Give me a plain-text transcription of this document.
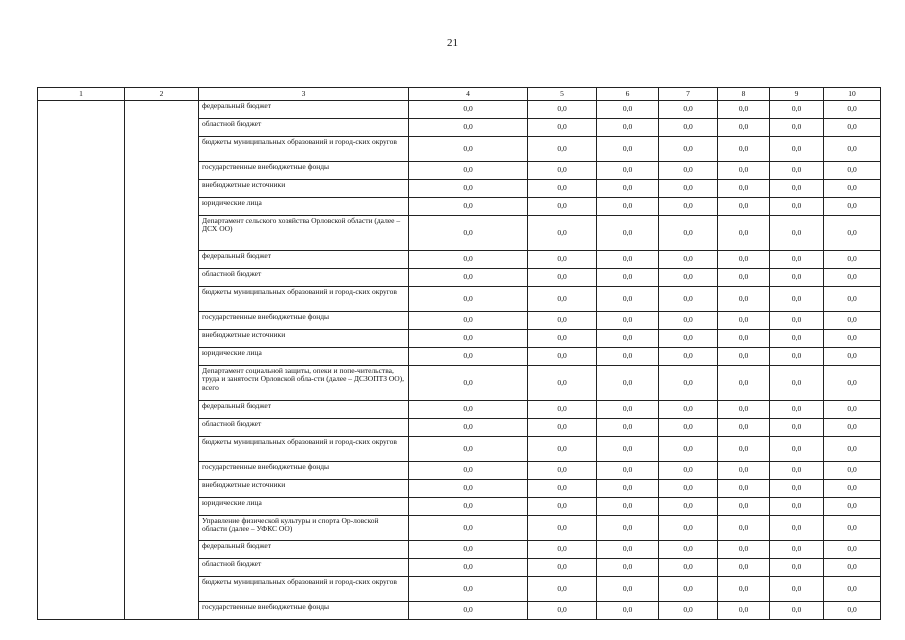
21
1	2	3	4	5	6	7	8	9	10
		федеральный бюджет	0,0	0,0	0,0	0,0	0,0	0,0	0,0
		областной бюджет	0,0	0,0	0,0	0,0	0,0	0,0	0,0
		бюджеты муниципальных образований и город-ских округов	0,0	0,0	0,0	0,0	0,0	0,0	0,0
		государственные внебюджетные фонды	0,0	0,0	0,0	0,0	0,0	0,0	0,0
		внебюджетные источники	0,0	0,0	0,0	0,0	0,0	0,0	0,0
		юридические лица	0,0	0,0	0,0	0,0	0,0	0,0	0,0
		Департамент сельского хозяйства Орловской области (далее – ДСХ ОО)	0,0	0,0	0,0	0,0	0,0	0,0	0,0
		федеральный бюджет	0,0	0,0	0,0	0,0	0,0	0,0	0,0
		областной бюджет	0,0	0,0	0,0	0,0	0,0	0,0	0,0
		бюджеты муниципальных образований и город-ских округов	0,0	0,0	0,0	0,0	0,0	0,0	0,0
		государственные внебюджетные фонды	0,0	0,0	0,0	0,0	0,0	0,0	0,0
		внебюджетные источники	0,0	0,0	0,0	0,0	0,0	0,0	0,0
		юридические лица	0,0	0,0	0,0	0,0	0,0	0,0	0,0
		Департамент социальной защиты, опеки и попе-чительства, труда и занятости Орловской обла-сти (далее – ДСЗОПТЗ ОО), всего	0,0	0,0	0,0	0,0	0,0	0,0	0,0
		федеральный бюджет	0,0	0,0	0,0	0,0	0,0	0,0	0,0
		областной бюджет	0,0	0,0	0,0	0,0	0,0	0,0	0,0
		бюджеты муниципальных образований и город-ских округов	0,0	0,0	0,0	0,0	0,0	0,0	0,0
		государственные внебюджетные фонды	0,0	0,0	0,0	0,0	0,0	0,0	0,0
		внебюджетные источники	0,0	0,0	0,0	0,0	0,0	0,0	0,0
		юридические лица	0,0	0,0	0,0	0,0	0,0	0,0	0,0
		Управление физической культуры и спорта Ор-ловской области (далее – УФКС ОО)	0,0	0,0	0,0	0,0	0,0	0,0	0,0
		федеральный бюджет	0,0	0,0	0,0	0,0	0,0	0,0	0,0
		областной бюджет	0,0	0,0	0,0	0,0	0,0	0,0	0,0
		бюджеты муниципальных образований и город-ских округов	0,0	0,0	0,0	0,0	0,0	0,0	0,0
		государственные внебюджетные фонды	0,0	0,0	0,0	0,0	0,0	0,0	0,0
